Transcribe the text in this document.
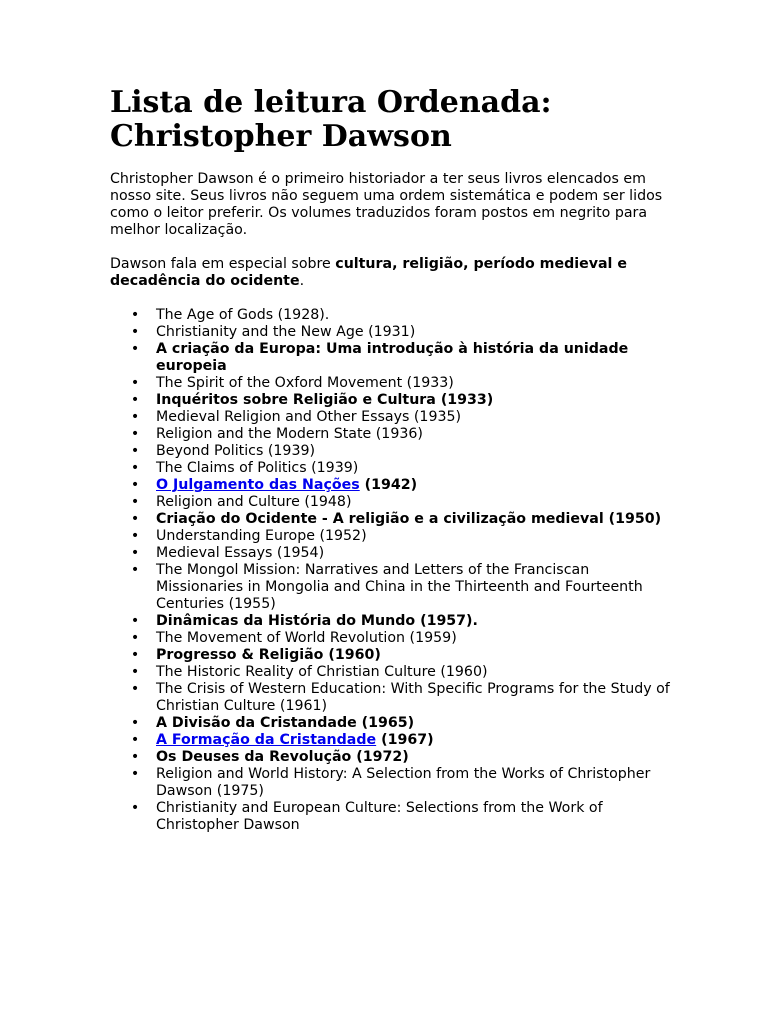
Lista de leitura Ordenada:
Christopher Dawson

Christopher Dawson é o primeiro historiador a ter seus livros elencados em nosso site. Seus livros não seguem uma ordem sistemática e podem ser lidos como o leitor preferir. Os volumes traduzidos foram postos em negrito para melhor localização.

Dawson fala em especial sobre cultura, religião, período medieval e decadência do ocidente.

• The Age of Gods (1928).
• Christianity and the New Age (1931)
• A criação da Europa: Uma introdução à história da unidade europeia
• The Spirit of the Oxford Movement (1933)
• Inquéritos sobre Religião e Cultura (1933)
• Medieval Religion and Other Essays (1935)
• Religion and the Modern State (1936)
• Beyond Politics (1939)
• The Claims of Politics (1939)
• O Julgamento das Nações (1942)
• Religion and Culture (1948)
• Criação do Ocidente - A religião e a civilização medieval (1950)
• Understanding Europe (1952)
• Medieval Essays (1954)
• The Mongol Mission: Narratives and Letters of the Franciscan Missionaries in Mongolia and China in the Thirteenth and Fourteenth Centuries (1955)
• Dinâmicas da História do Mundo (1957).
• The Movement of World Revolution (1959)
• Progresso & Religião (1960)
• The Historic Reality of Christian Culture (1960)
• The Crisis of Western Education: With Specific Programs for the Study of Christian Culture (1961)
• A Divisão da Cristandade (1965)
• A Formação da Cristandade (1967)
• Os Deuses da Revolução (1972)
• Religion and World History: A Selection from the Works of Christopher Dawson (1975)
• Christianity and European Culture: Selections from the Work of Christopher Dawson
